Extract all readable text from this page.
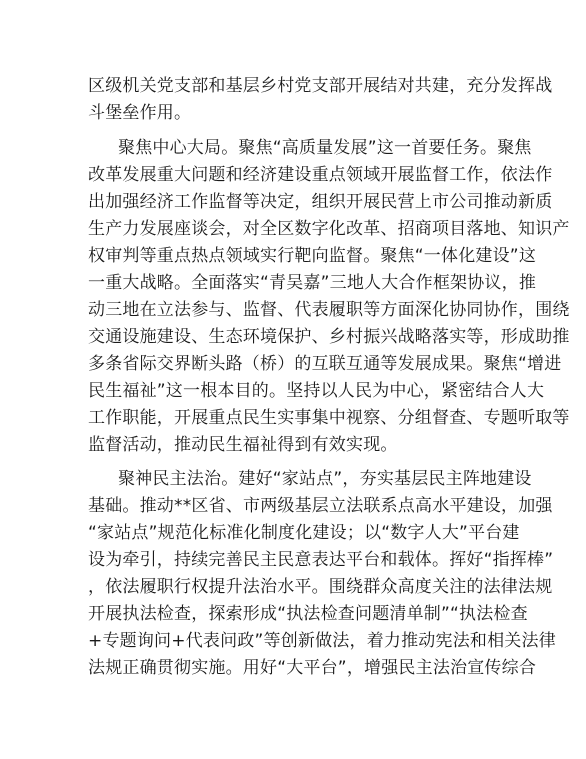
区级机关党支部和基层乡村党支部开展结对共建，充分发挥战
斗堡垒作用。
聚焦中心大局。聚焦“高质量发展”这一首要任务。聚焦
改革发展重大问题和经济建设重点领域开展监督工作，依法作
出加强经济工作监督等决定，组织开展民营上市公司推动新质
生产力发展座谈会，对全区数字化改革、招商项目落地、知识产
权审判等重点热点领域实行靶向监督。聚焦“一体化建设”这
一重大战略。全面落实“青吴嘉”三地人大合作框架协议，推
动三地在立法参与、监督、代表履职等方面深化协同协作，围绕
交通设施建设、生态环境保护、乡村振兴战略落实等，形成助推
多条省际交界断头路（桥）的互联互通等发展成果。聚焦“增进
民生福祉”这一根本目的。坚持以人民为中心，紧密结合人大
工作职能，开展重点民生实事集中视察、分组督查、专题听取等
监督活动，推动民生福祉得到有效实现。
聚神民主法治。建好“家站点”，夯实基层民主阵地建设
基础。推动**区省、市两级基层立法联系点高水平建设，加强
“家站点”规范化标准化制度化建设；以“数字人大”平台建
设为牵引，持续完善民主民意表达平台和载体。挥好“指挥棒”
，依法履职行权提升法治水平。围绕群众高度关注的法律法规
开展执法检查，探索形成“执法检查问题清单制”“执法检查
+专题询问+代表问政”等创新做法，着力推动宪法和相关法律
法规正确贯彻实施。用好“大平台”，增强民主法治宣传综合
